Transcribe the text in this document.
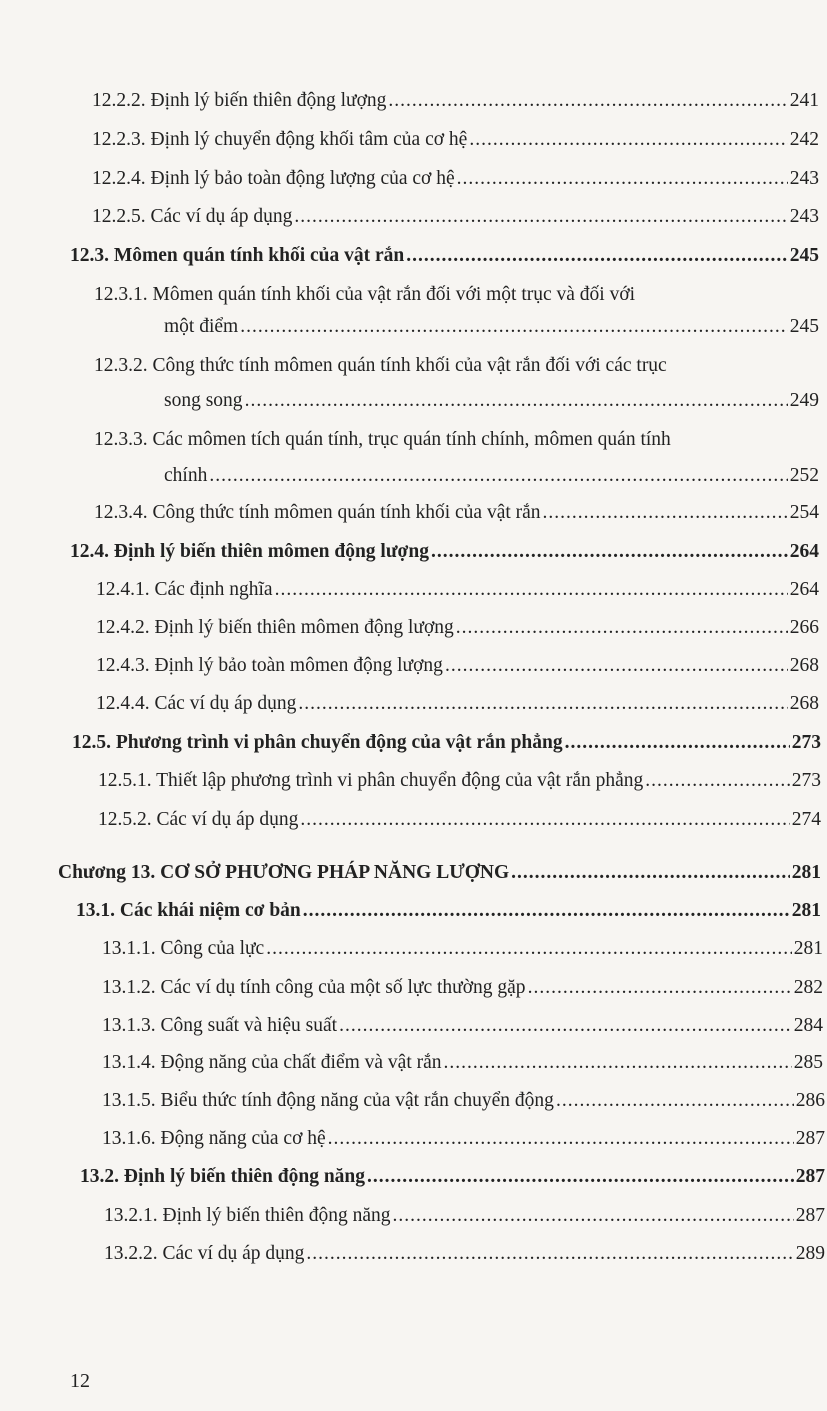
12.2.2. Định lý biến thiên động lượng .....	241
12.2.3. Định lý chuyển động khối tâm của cơ hệ .....	242
12.2.4. Định lý bảo toàn động lượng của cơ hệ .....	243
12.2.5. Các ví dụ áp dụng .....	243
12.3. Mômen quán tính khối của vật rắn .....	245
12.3.1. Mômen quán tính khối của vật rắn đối với một trục và đối với
một điểm .....	245
12.3.2. Công thức tính mômen quán tính khối của vật rắn đối với các trục
song song .....	249
12.3.3. Các mômen tích quán tính, trục quán tính chính, mômen quán tính
chính .....	252
12.3.4. Công thức tính mômen quán tính khối của vật rắn .....	254
12.4. Định lý biến thiên mômen động lượng .....	264
12.4.1. Các định nghĩa .....	264
12.4.2. Định lý biến thiên mômen động lượng .....	266
12.4.3. Định lý bảo toàn mômen động lượng .....	268
12.4.4. Các ví dụ áp dụng .....	268
12.5. Phương trình vi phân chuyển động của vật rắn phẳng .....	273
12.5.1. Thiết lập phương trình vi phân chuyển động của vật rắn phẳng .....	273
12.5.2. Các ví dụ áp dụng .....	274
Chương 13. CƠ SỞ PHƯƠNG PHÁP NĂNG LƯỢNG .....	281
13.1. Các khái niệm cơ bản .....	281
13.1.1. Công của lực .....	281
13.1.2. Các ví dụ tính công của một số lực thường gặp .....	282
13.1.3. Công suất và hiệu suất .....	284
13.1.4. Động năng của chất điểm và vật rắn .....	285
13.1.5. Biểu thức tính động năng của vật rắn chuyển động .....	286
13.1.6. Động năng của cơ hệ .....	287
13.2. Định lý biến thiên động năng .....	287
13.2.1. Định lý biến thiên động năng .....	287
13.2.2. Các ví dụ áp dụng .....	289
12
